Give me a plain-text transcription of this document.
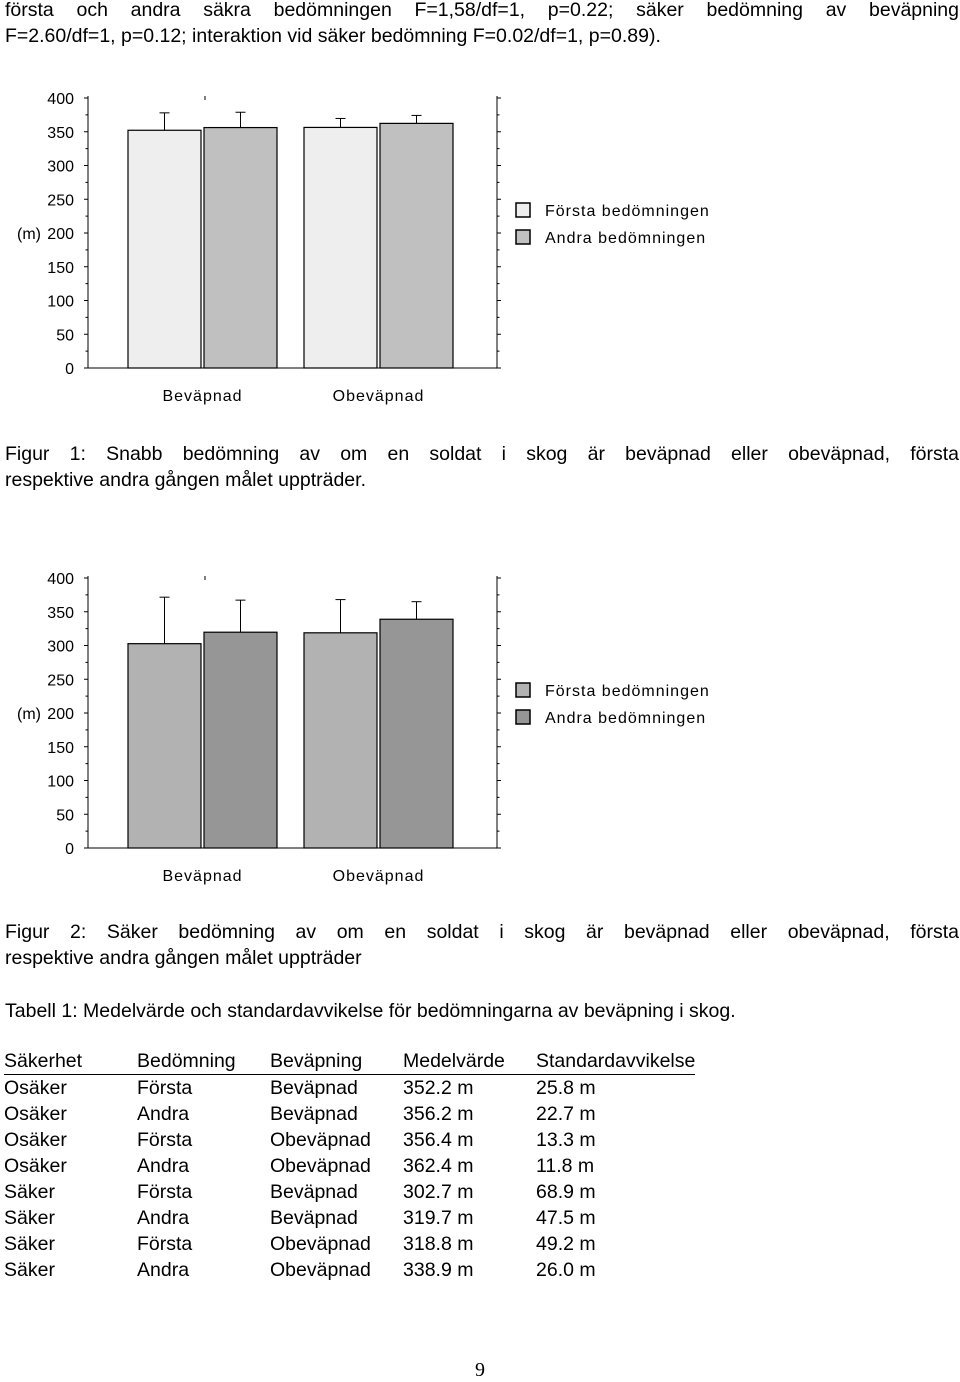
första och andra säkra bedömningen F=1,58/df=1, p=0.22; säker bedömning av beväpning
F=2.60/df=1, p=0.12; interaktion vid säker bedömning F=0.02/df=1, p=0.89).
0
50
100
150
200
250
300
350
400
(m)
Beväpnad	Obeväpnad
Första bedömningen
Andra bedömningen
Figur 1: Snabb bedömning av om en soldat i skog är beväpnad eller obeväpnad, första
respektive andra gången målet uppträder.
0
50
100
150
200
250
300
350
400
(m)
Beväpnad	Obeväpnad
Första bedömningen
Andra bedömningen
Figur 2: Säker bedömning av om en soldat i skog är beväpnad eller obeväpnad, första
respektive andra gången målet uppträder
Tabell 1: Medelvärde och standardavvikelse för bedömningarna av beväpning i skog.
Säkerhet	Bedömning	Beväpning	Medelvärde	Standardavvikelse
Osäker	Första	Beväpnad	352.2 m	25.8 m
Osäker	Andra	Beväpnad	356.2 m	22.7 m
Osäker	Första	Obeväpnad	356.4 m	13.3 m
Osäker	Andra	Obeväpnad	362.4 m	11.8 m
Säker	Första	Beväpnad	302.7 m	68.9 m
Säker	Andra	Beväpnad	319.7 m	47.5 m
Säker	Första	Obeväpnad	318.8 m	49.2 m
Säker	Andra	Obeväpnad	338.9 m	26.0 m
9
